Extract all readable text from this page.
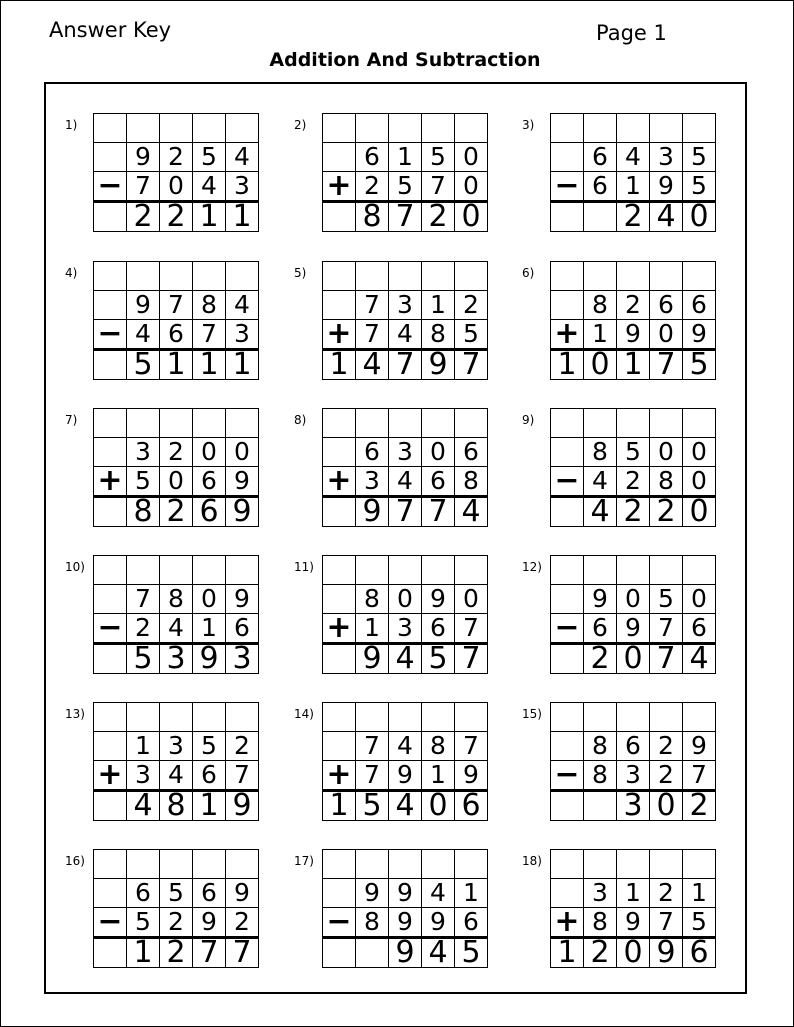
Answer Key	Page 1
Addition And Subtraction
1)

	9	2	5	4
−	7	0	4	3
	2	2	1	1
2)

	6	1	5	0
+	2	5	7	0
	8	7	2	0
3)

	6	4	3	5
−	6	1	9	5
		2	4	0
4)

	9	7	8	4
−	4	6	7	3
	5	1	1	1
5)

	7	3	1	2
+	7	4	8	5
1	4	7	9	7
6)

	8	2	6	6
+	1	9	0	9
1	0	1	7	5
7)

	3	2	0	0
+	5	0	6	9
	8	2	6	9
8)

	6	3	0	6
+	3	4	6	8
	9	7	7	4
9)

	8	5	0	0
−	4	2	8	0
	4	2	2	0
10)

	7	8	0	9
−	2	4	1	6
	5	3	9	3
11)

	8	0	9	0
+	1	3	6	7
	9	4	5	7
12)

	9	0	5	0
−	6	9	7	6
	2	0	7	4
13)

	1	3	5	2
+	3	4	6	7
	4	8	1	9
14)

	7	4	8	7
+	7	9	1	9
1	5	4	0	6
15)

	8	6	2	9
−	8	3	2	7
		3	0	2
16)

	6	5	6	9
−	5	2	9	2
	1	2	7	7
17)

	9	9	4	1
−	8	9	9	6
		9	4	5
18)

	3	1	2	1
+	8	9	7	5
1	2	0	9	6
